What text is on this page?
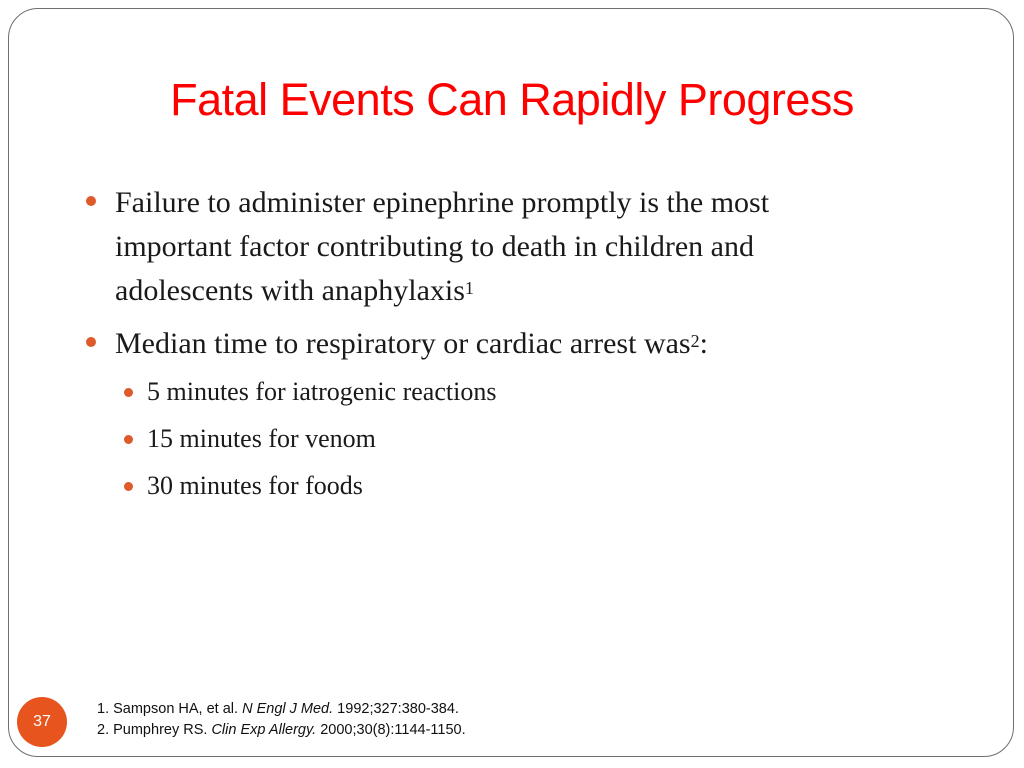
Fatal Events Can Rapidly Progress
Failure to administer epinephrine promptly is the most
important factor contributing to death in children and
adolescents with anaphylaxis$^1$
Median time to respiratory or cardiac arrest was$^2$:
5 minutes for iatrogenic reactions
15 minutes for venom
30 minutes for foods
37
1. Sampson HA, et al. N Engl J Med. 1992;327:380-384.
2. Pumphrey RS. Clin Exp Allergy. 2000;30(8):1144-1150.
